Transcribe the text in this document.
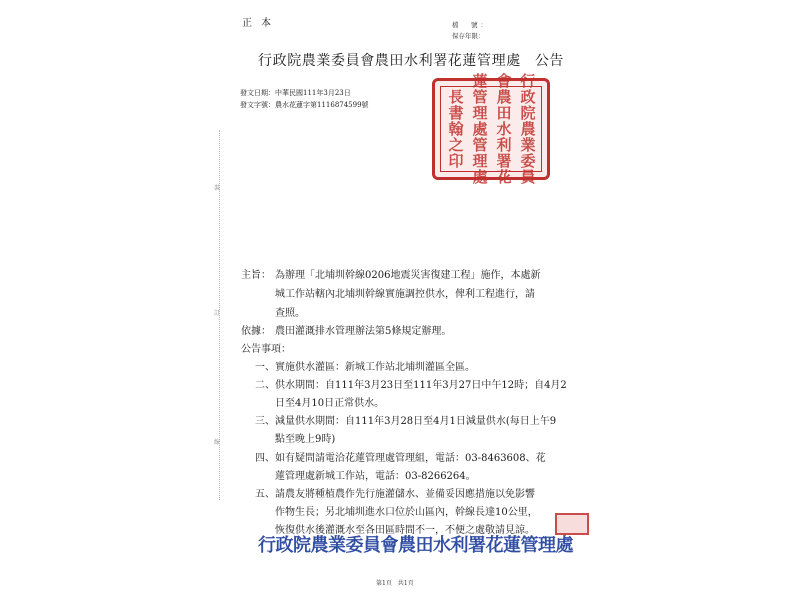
正本	檔　號：
保存年限：
行政院農業委員會農田水利署花蓮管理處 公告
發文日期：中華民國111年3月23日
發文字號：農水花蓮字第1116874599號	行政院農業委員
會農田水利署花
蓮管理處管理處
長書翰之印
裝
訂
線
主旨： 為辦理「北埔圳幹線0206地震災害復建工程」施作，本處新
城工作站轄內北埔圳幹線實施調控供水，俾利工程進行，請
查照。
依據： 農田灌溉排水管理辦法第5條規定辦理。
公告事項：
一、 實施供水灌區：新城工作站北埔圳灌區全區。
二、 供水期間：自111年3月23日至111年3月27日中午12時；自4月2
日至4月10日正常供水。
三、 減量供水期間：自111年3月28日至4月1日減量供水(每日上午9
點至晚上9時)
四、 如有疑問請電洽花蓮管理處管理組，電話：03-8463608、花
蓮管理處新城工作站，電話：03-8266264。
五、 請農友將種植農作先行施灌儲水、並備妥因應措施以免影響
作物生長；另北埔圳進水口位於山區內，幹線長達10公里，
恢復供水後灌溉水至各田區時間不一，不便之處敬請見諒。
行政院農業委員會農田水利署花蓮管理處
第1頁　共1頁
